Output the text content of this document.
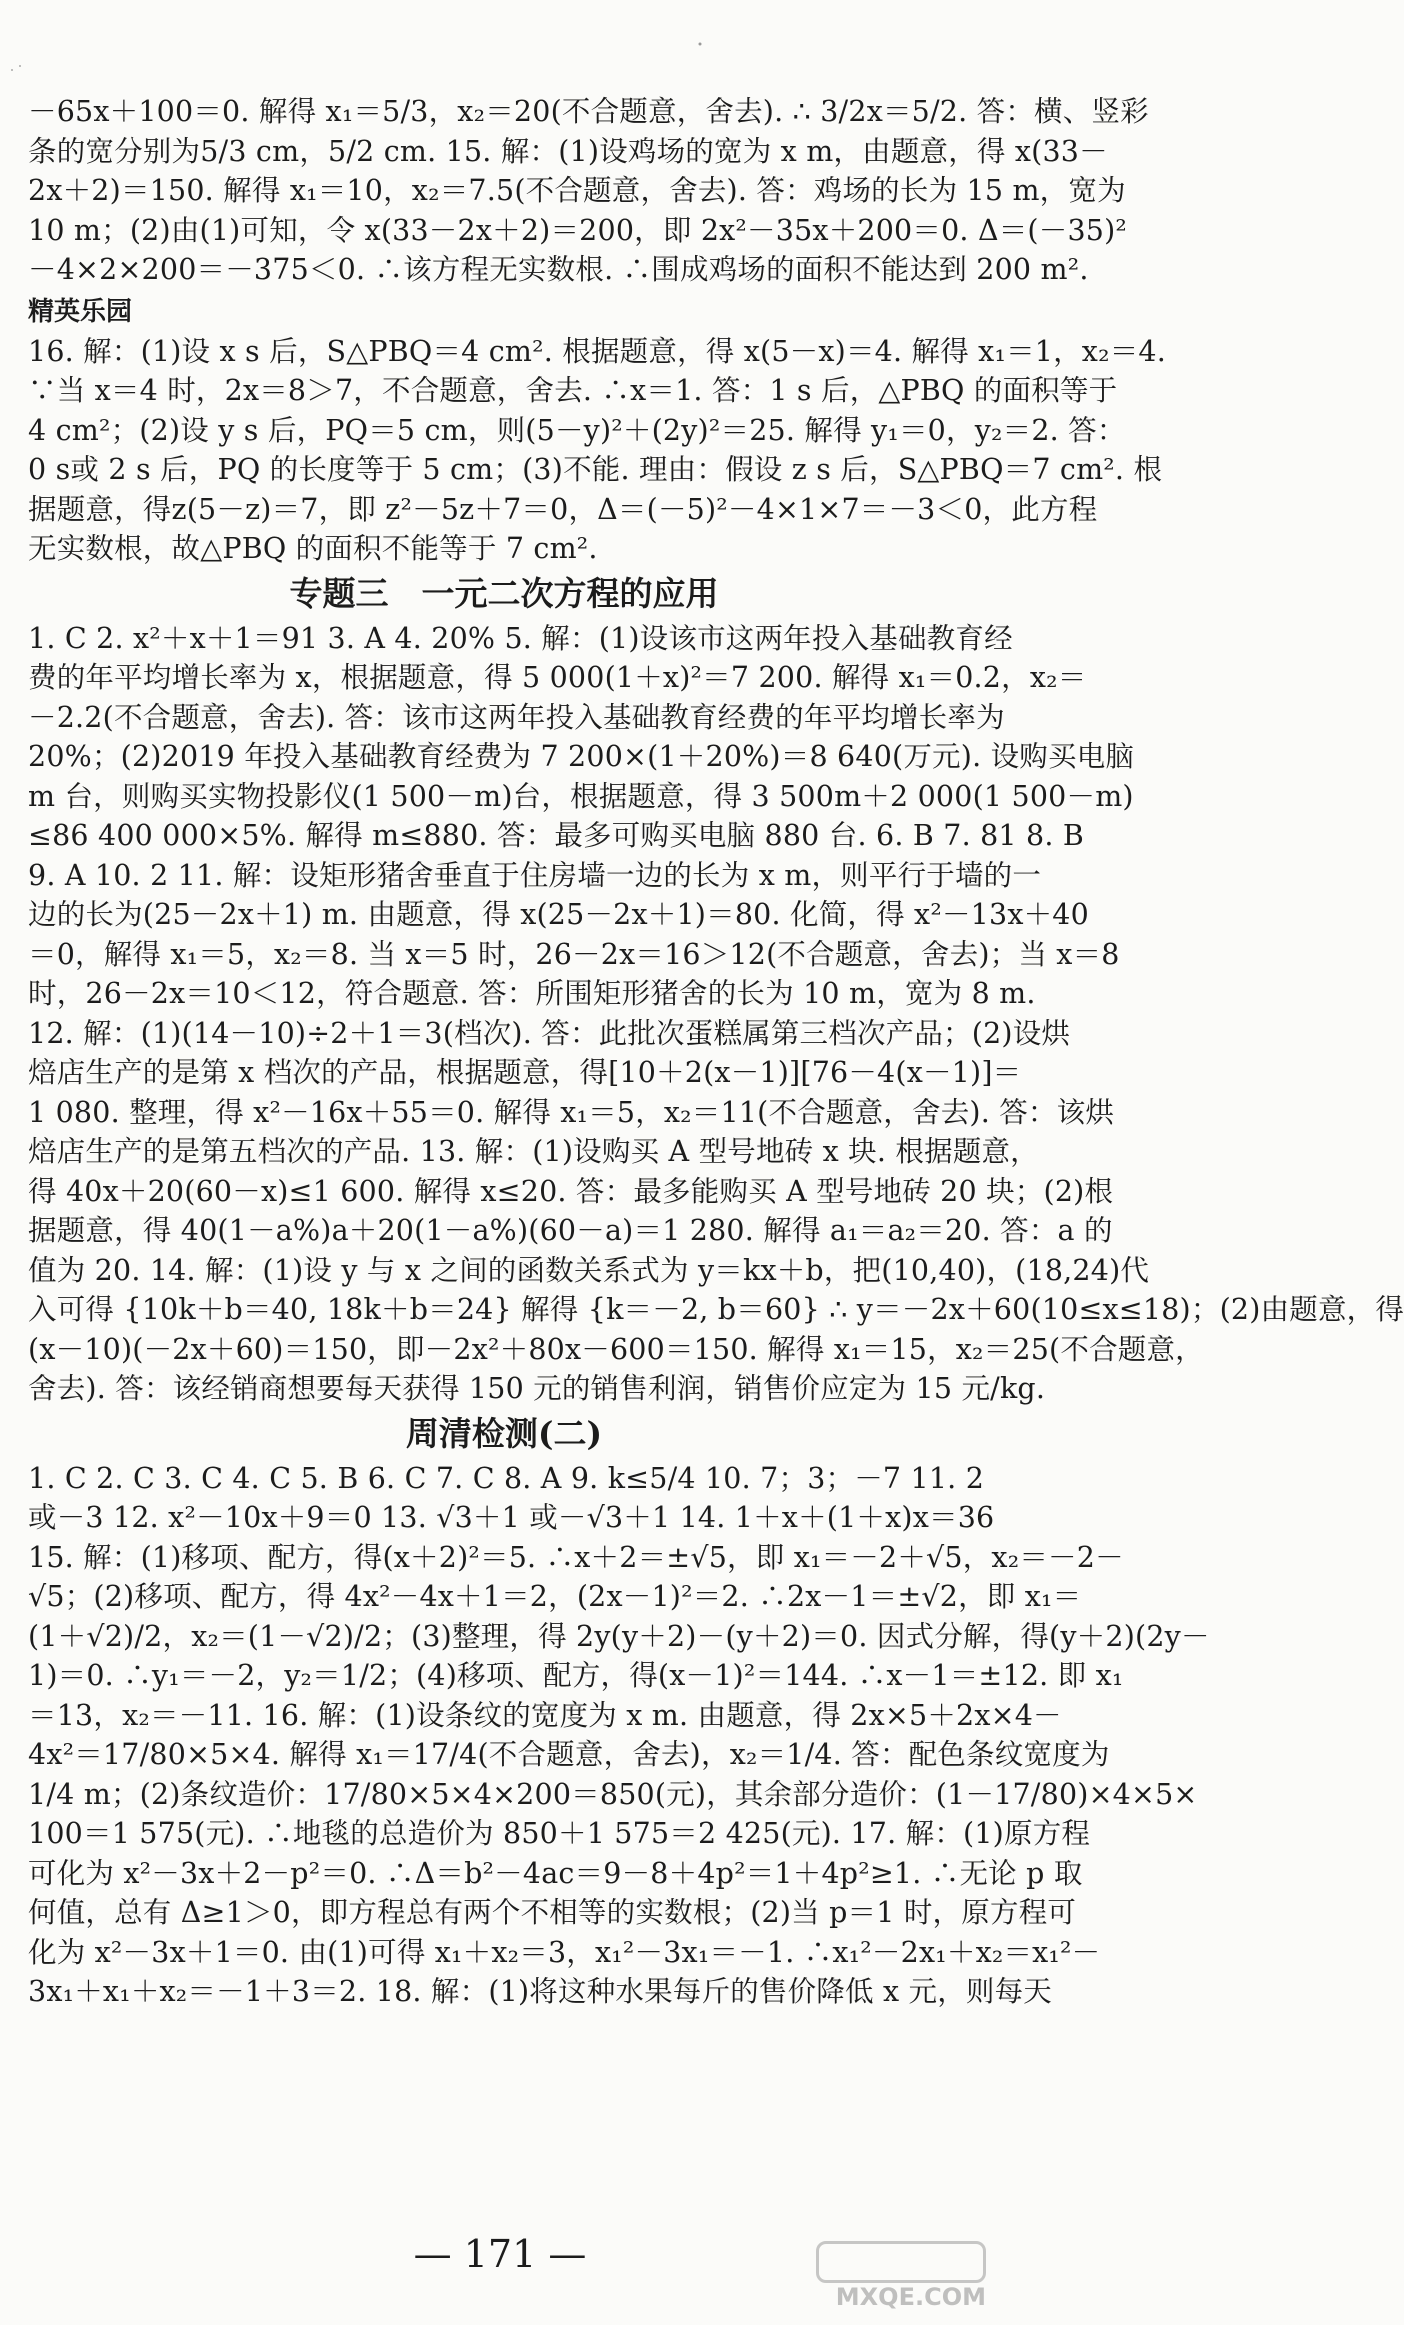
－65x＋100＝0. 解得 x₁＝5/3，x₂＝20(不合题意，舍去). ∴ 3/2x＝5/2. 答：横、竖彩
条的宽分别为5/3 cm，5/2 cm. 15. 解：(1)设鸡场的宽为 x m，由题意，得 x(33－
2x＋2)＝150. 解得 x₁＝10，x₂＝7.5(不合题意，舍去). 答：鸡场的长为 15 m，宽为
10 m；(2)由(1)可知，令 x(33－2x＋2)＝200，即 2x²－35x＋200＝0. Δ＝(－35)²
－4×2×200＝－375＜0. ∴该方程无实数根. ∴围成鸡场的面积不能达到 200 m².
精英乐园
16. 解：(1)设 x s 后，S△PBQ＝4 cm². 根据题意，得 x(5－x)＝4. 解得 x₁＝1，x₂＝4.
∵当 x＝4 时，2x＝8＞7，不合题意，舍去. ∴x＝1. 答：1 s 后，△PBQ 的面积等于
4 cm²；(2)设 y s 后，PQ＝5 cm，则(5－y)²＋(2y)²＝25. 解得 y₁＝0，y₂＝2. 答：
0 s或 2 s 后，PQ 的长度等于 5 cm；(3)不能. 理由：假设 z s 后，S△PBQ＝7 cm². 根
据题意，得z(5－z)＝7，即 z²－5z＋7＝0，Δ＝(－5)²－4×1×7＝－3＜0，此方程
无实数根，故△PBQ 的面积不能等于 7 cm².
专题三　一元二次方程的应用
1. C 2. x²＋x＋1＝91 3. A 4. 20% 5. 解：(1)设该市这两年投入基础教育经
费的年平均增长率为 x，根据题意，得 5 000(1＋x)²＝7 200. 解得 x₁＝0.2，x₂＝
－2.2(不合题意，舍去). 答：该市这两年投入基础教育经费的年平均增长率为
20%；(2)2019 年投入基础教育经费为 7 200×(1＋20%)＝8 640(万元). 设购买电脑
m 台，则购买实物投影仪(1 500－m)台，根据题意，得 3 500m＋2 000(1 500－m)
≤86 400 000×5%. 解得 m≤880. 答：最多可购买电脑 880 台. 6. B 7. 81 8. B
9. A 10. 2 11. 解：设矩形猪舍垂直于住房墙一边的长为 x m，则平行于墙的一
边的长为(25－2x＋1) m. 由题意，得 x(25－2x＋1)＝80. 化简，得 x²－13x＋40
＝0，解得 x₁＝5，x₂＝8. 当 x＝5 时，26－2x＝16＞12(不合题意，舍去)；当 x＝8
时，26－2x＝10＜12，符合题意. 答：所围矩形猪舍的长为 10 m，宽为 8 m.
12. 解：(1)(14－10)÷2＋1＝3(档次). 答：此批次蛋糕属第三档次产品；(2)设烘
焙店生产的是第 x 档次的产品，根据题意，得[10＋2(x－1)][76－4(x－1)]＝
1 080. 整理，得 x²－16x＋55＝0. 解得 x₁＝5，x₂＝11(不合题意，舍去). 答：该烘
焙店生产的是第五档次的产品. 13. 解：(1)设购买 A 型号地砖 x 块. 根据题意，
得 40x＋20(60－x)≤1 600. 解得 x≤20. 答：最多能购买 A 型号地砖 20 块；(2)根
据题意，得 40(1－a%)a＋20(1－a%)(60－a)＝1 280. 解得 a₁＝a₂＝20. 答：a 的
值为 20. 14. 解：(1)设 y 与 x 之间的函数关系式为 y＝kx＋b，把(10,40)，(18,24)代
入可得 {10k＋b＝40, 18k＋b＝24} 解得 {k＝－2, b＝60} ∴ y＝－2x＋60(10≤x≤18)；(2)由题意，得
(x－10)(－2x＋60)＝150，即－2x²＋80x－600＝150. 解得 x₁＝15，x₂＝25(不合题意，
舍去). 答：该经销商想要每天获得 150 元的销售利润，销售价应定为 15 元/kg.
周清检测(二)
1. C 2. C 3. C 4. C 5. B 6. C 7. C 8. A 9. k≤5/4 10. 7；3；－7 11. 2
或－3 12. x²－10x＋9＝0 13. √3＋1 或－√3＋1 14. 1＋x＋(1＋x)x＝36
15. 解：(1)移项、配方，得(x＋2)²＝5. ∴x＋2＝±√5，即 x₁＝－2＋√5，x₂＝－2－
√5；(2)移项、配方，得 4x²－4x＋1＝2，(2x－1)²＝2. ∴2x－1＝±√2，即 x₁＝
(1＋√2)/2，x₂＝(1－√2)/2；(3)整理，得 2y(y＋2)－(y＋2)＝0. 因式分解，得(y＋2)(2y－
1)＝0. ∴y₁＝－2，y₂＝1/2；(4)移项、配方，得(x－1)²＝144. ∴x－1＝±12. 即 x₁
＝13，x₂＝－11. 16. 解：(1)设条纹的宽度为 x m. 由题意，得 2x×5＋2x×4－
4x²＝17/80×5×4. 解得 x₁＝17/4(不合题意，舍去)，x₂＝1/4. 答：配色条纹宽度为
1/4 m；(2)条纹造价：17/80×5×4×200＝850(元)，其余部分造价：(1－17/80)×4×5×
100＝1 575(元). ∴地毯的总造价为 850＋1 575＝2 425(元). 17. 解：(1)原方程
可化为 x²－3x＋2－p²＝0. ∴Δ＝b²－4ac＝9－8＋4p²＝1＋4p²≥1. ∴无论 p 取
何值，总有 Δ≥1＞0，即方程总有两个不相等的实数根；(2)当 p＝1 时，原方程可
化为 x²－3x＋1＝0. 由(1)可得 x₁＋x₂＝3，x₁²－3x₁＝－1. ∴x₁²－2x₁＋x₂＝x₁²－
3x₁＋x₁＋x₂＝－1＋3＝2. 18. 解：(1)将这种水果每斤的售价降低 x 元，则每天
— 171 —
MXQE.COM
